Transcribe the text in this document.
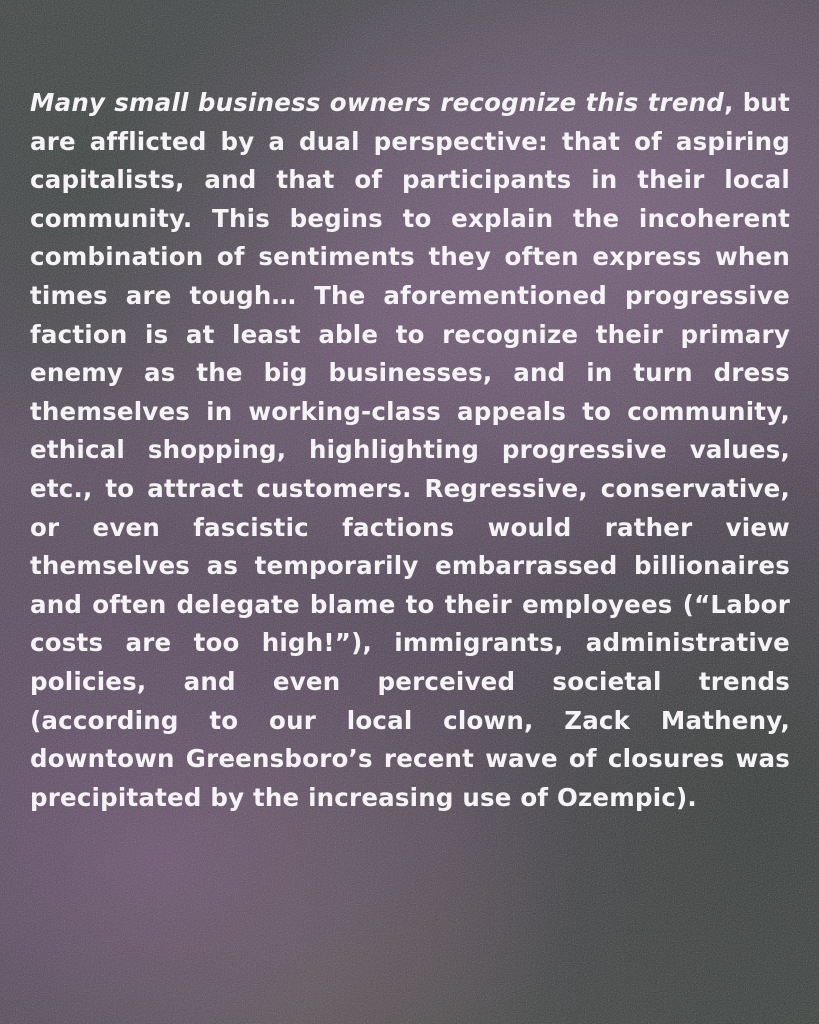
Many small business owners recognize this trend, but are afflicted by a dual perspective: that of aspiring capitalists, and that of participants in their local community. This begins to explain the incoherent combination of sentiments they often express when times are tough… The aforementioned progressive faction is at least able to recognize their primary enemy as the big businesses, and in turn dress themselves in working-class appeals to community, ethical shopping, highlighting progressive values, etc., to attract customers. Regressive, conservative, or even fascistic factions would rather view themselves as temporarily embarrassed billionaires and often delegate blame to their employees (“Labor costs are too high!”), immigrants, administrative policies, and even perceived societal trends (according to our local clown, Zack Matheny, downtown Greensboro’s recent wave of closures was precipitated by the increasing use of Ozempic).
